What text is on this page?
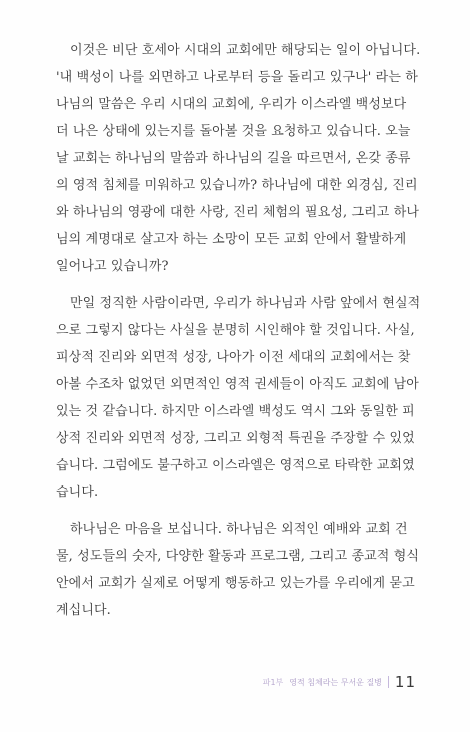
이것은 비단 호세아 시대의 교회에만 해당되는 일이 아닙니다.
'내 백성이 나를 외면하고 나로부터 등을 돌리고 있구나' 라는 하
나님의 말씀은 우리 시대의 교회에, 우리가 이스라엘 백성보다
더 나은 상태에 있는지를 돌아볼 것을 요청하고 있습니다. 오늘
날 교회는 하나님의 말씀과 하나님의 길을 따르면서, 온갖 종류
의 영적 침체를 미워하고 있습니까? 하나님에 대한 외경심, 진리
와 하나님의 영광에 대한 사랑, 진리 체험의 필요성, 그리고 하나
님의 계명대로 살고자 하는 소망이 모든 교회 안에서 활발하게
일어나고 있습니까?
만일 정직한 사람이라면, 우리가 하나님과 사람 앞에서 현실적
으로 그렇지 않다는 사실을 분명히 시인해야 할 것입니다. 사실,
피상적 진리와 외면적 성장, 나아가 이전 세대의 교회에서는 찾
아볼 수조차 없었던 외면적인 영적 권세들이 아직도 교회에 남아
있는 것 같습니다. 하지만 이스라엘 백성도 역시 그와 동일한 피
상적 진리와 외면적 성장, 그리고 외형적 특권을 주장할 수 있었
습니다. 그럼에도 불구하고 이스라엘은 영적으로 타락한 교회였
습니다.
하나님은 마음을 보십니다. 하나님은 외적인 예배와 교회 건
물, 성도들의 숫자, 다양한 활동과 프로그램, 그리고 종교적 형식
안에서 교회가 실제로 어떻게 행동하고 있는가를 우리에게 묻고
계십니다.
파1부 영적 침체라는 무서운 질병 11
